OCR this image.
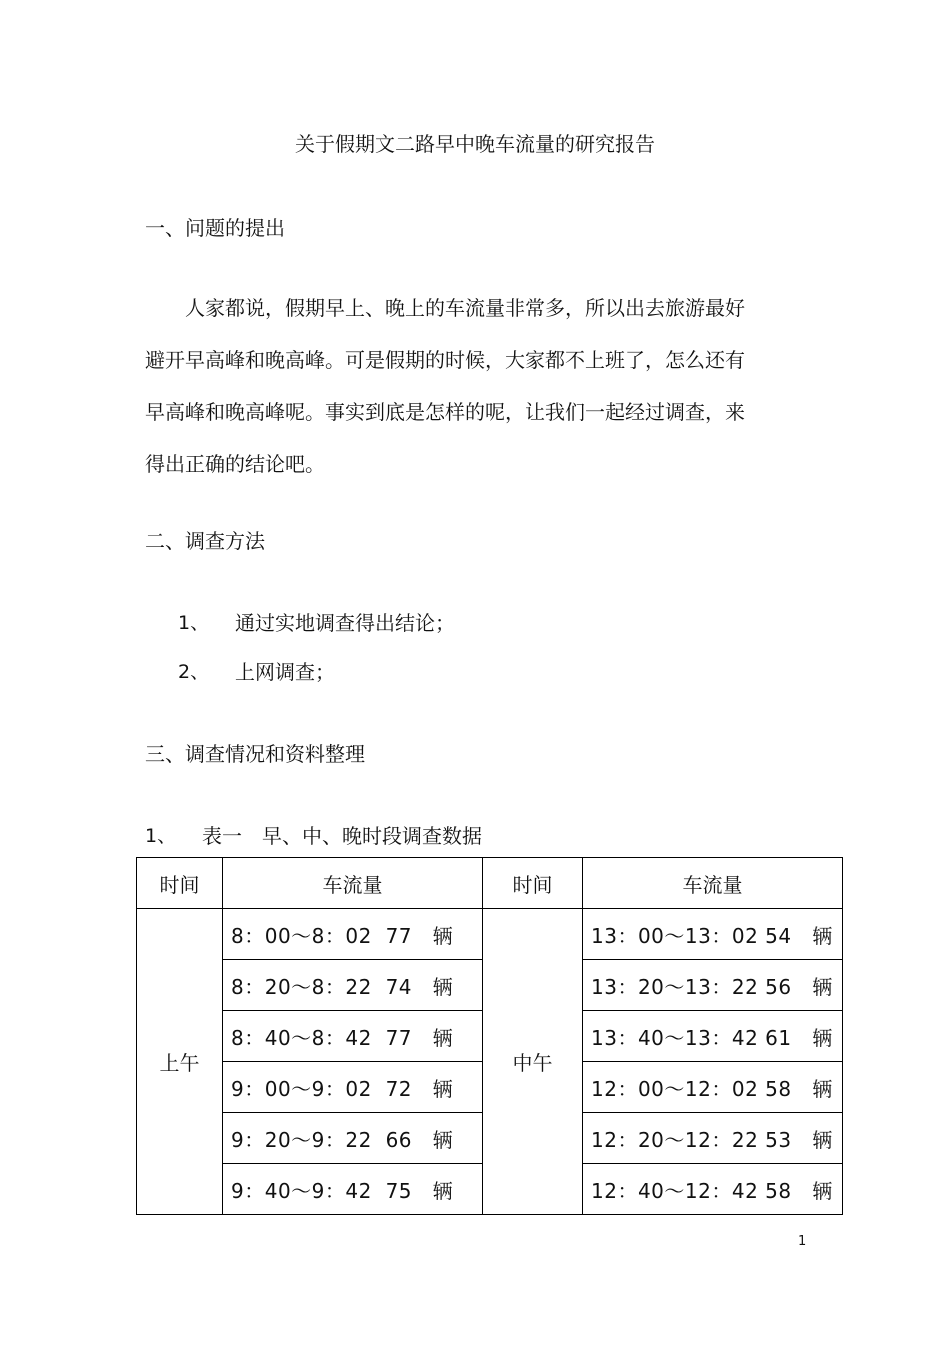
关于假期文二路早中晚车流量的研究报告
一、问题的提出
人家都说，假期早上、晚上的车流量非常多，所以出去旅游最好
避开早高峰和晚高峰。可是假期的时候，大家都不上班了，怎么还有
早高峰和晚高峰呢。事实到底是怎样的呢，让我们一起经过调查，来
得出正确的结论吧。
二、调查方法
1、 通过实地调查得出结论；
2、 上网调查；
三、调查情况和资料整理
1、 表一　早、中、晚时段调查数据
时间	车流量	时间	车流量
上午	8：00～8：02 77 辆	中午	13：00～13：02 54 辆
	8：20～8：22 74 辆		13：20～13：22 56 辆
	8：40～8：42 77 辆		13：40～13：42 61 辆
	9：00～9：02 72 辆		12：00～12：02 58 辆
	9：20～9：22 66 辆		12：20～12：22 53 辆
	9：40～9：42 75 辆		12：40～12：42 58 辆
1
